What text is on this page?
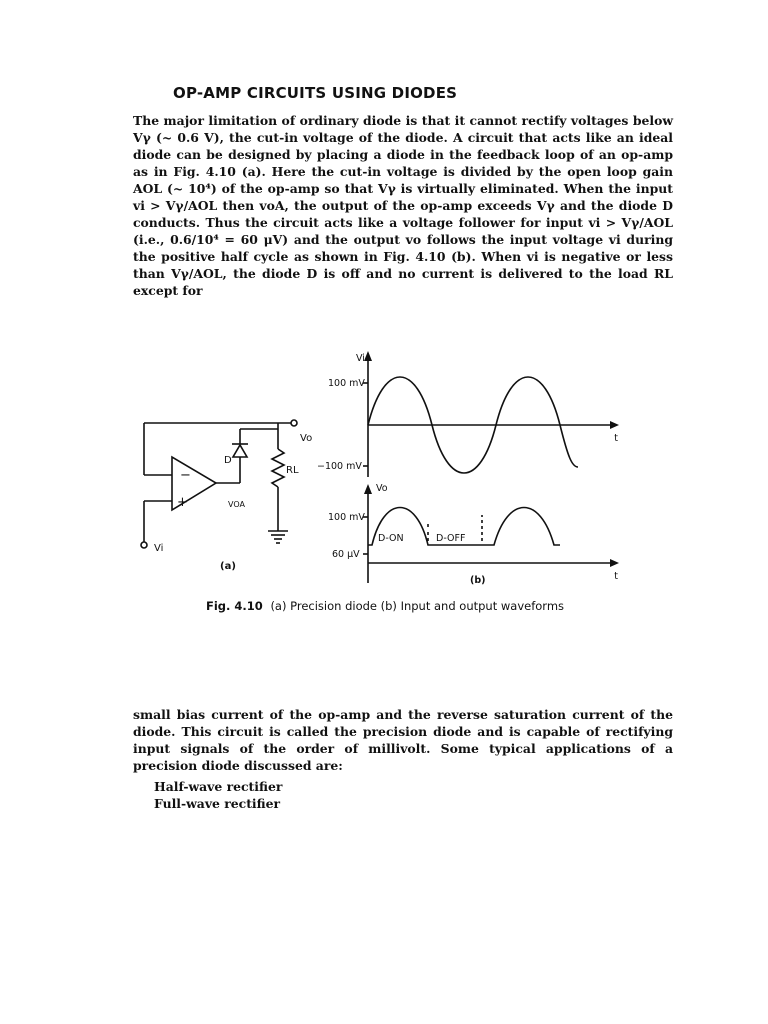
OP-AMP CIRCUITS USING DIODES

The major limitation of ordinary diode is that it cannot rectify voltages below Vγ (~ 0.6 V), the cut-in voltage of the diode. A circuit that acts like an ideal diode can be designed by placing a diode in the feedback loop of an op-amp as in Fig. 4.10 (a). Here the cut-in voltage is divided by the open loop gain AOL (~ 10⁴) of the op-amp so that Vγ is virtually eliminated. When the input vi > Vγ/AOL then voA, the output of the op-amp exceeds Vγ and the diode D conducts. Thus the circuit acts like a voltage follower for input vi > Vγ/AOL (i.e., 0.6/10⁴ = 60 μV) and the output vo follows the input voltage vi during the positive half cycle as shown in Fig. 4.10 (b). When vi is negative or less than Vγ/AOL, the diode D is off and no current is delivered to the load RL except for

−
+
D
RL
Vo
VOA
Vi
(a)
Vi
100 mV
−100 mV
t
Vo
100 mV
60 μV
t
D-ON	D-OFF
(b)
Fig. 4.10 (a) Precision diode (b) Input and output waveforms

small bias current of the op-amp and the reverse saturation current of the diode. This circuit is called the precision diode and is capable of rectifying input signals of the order of millivolt. Some typical applications of a precision diode discussed are:

Half-wave rectifier
Full-wave rectifier
